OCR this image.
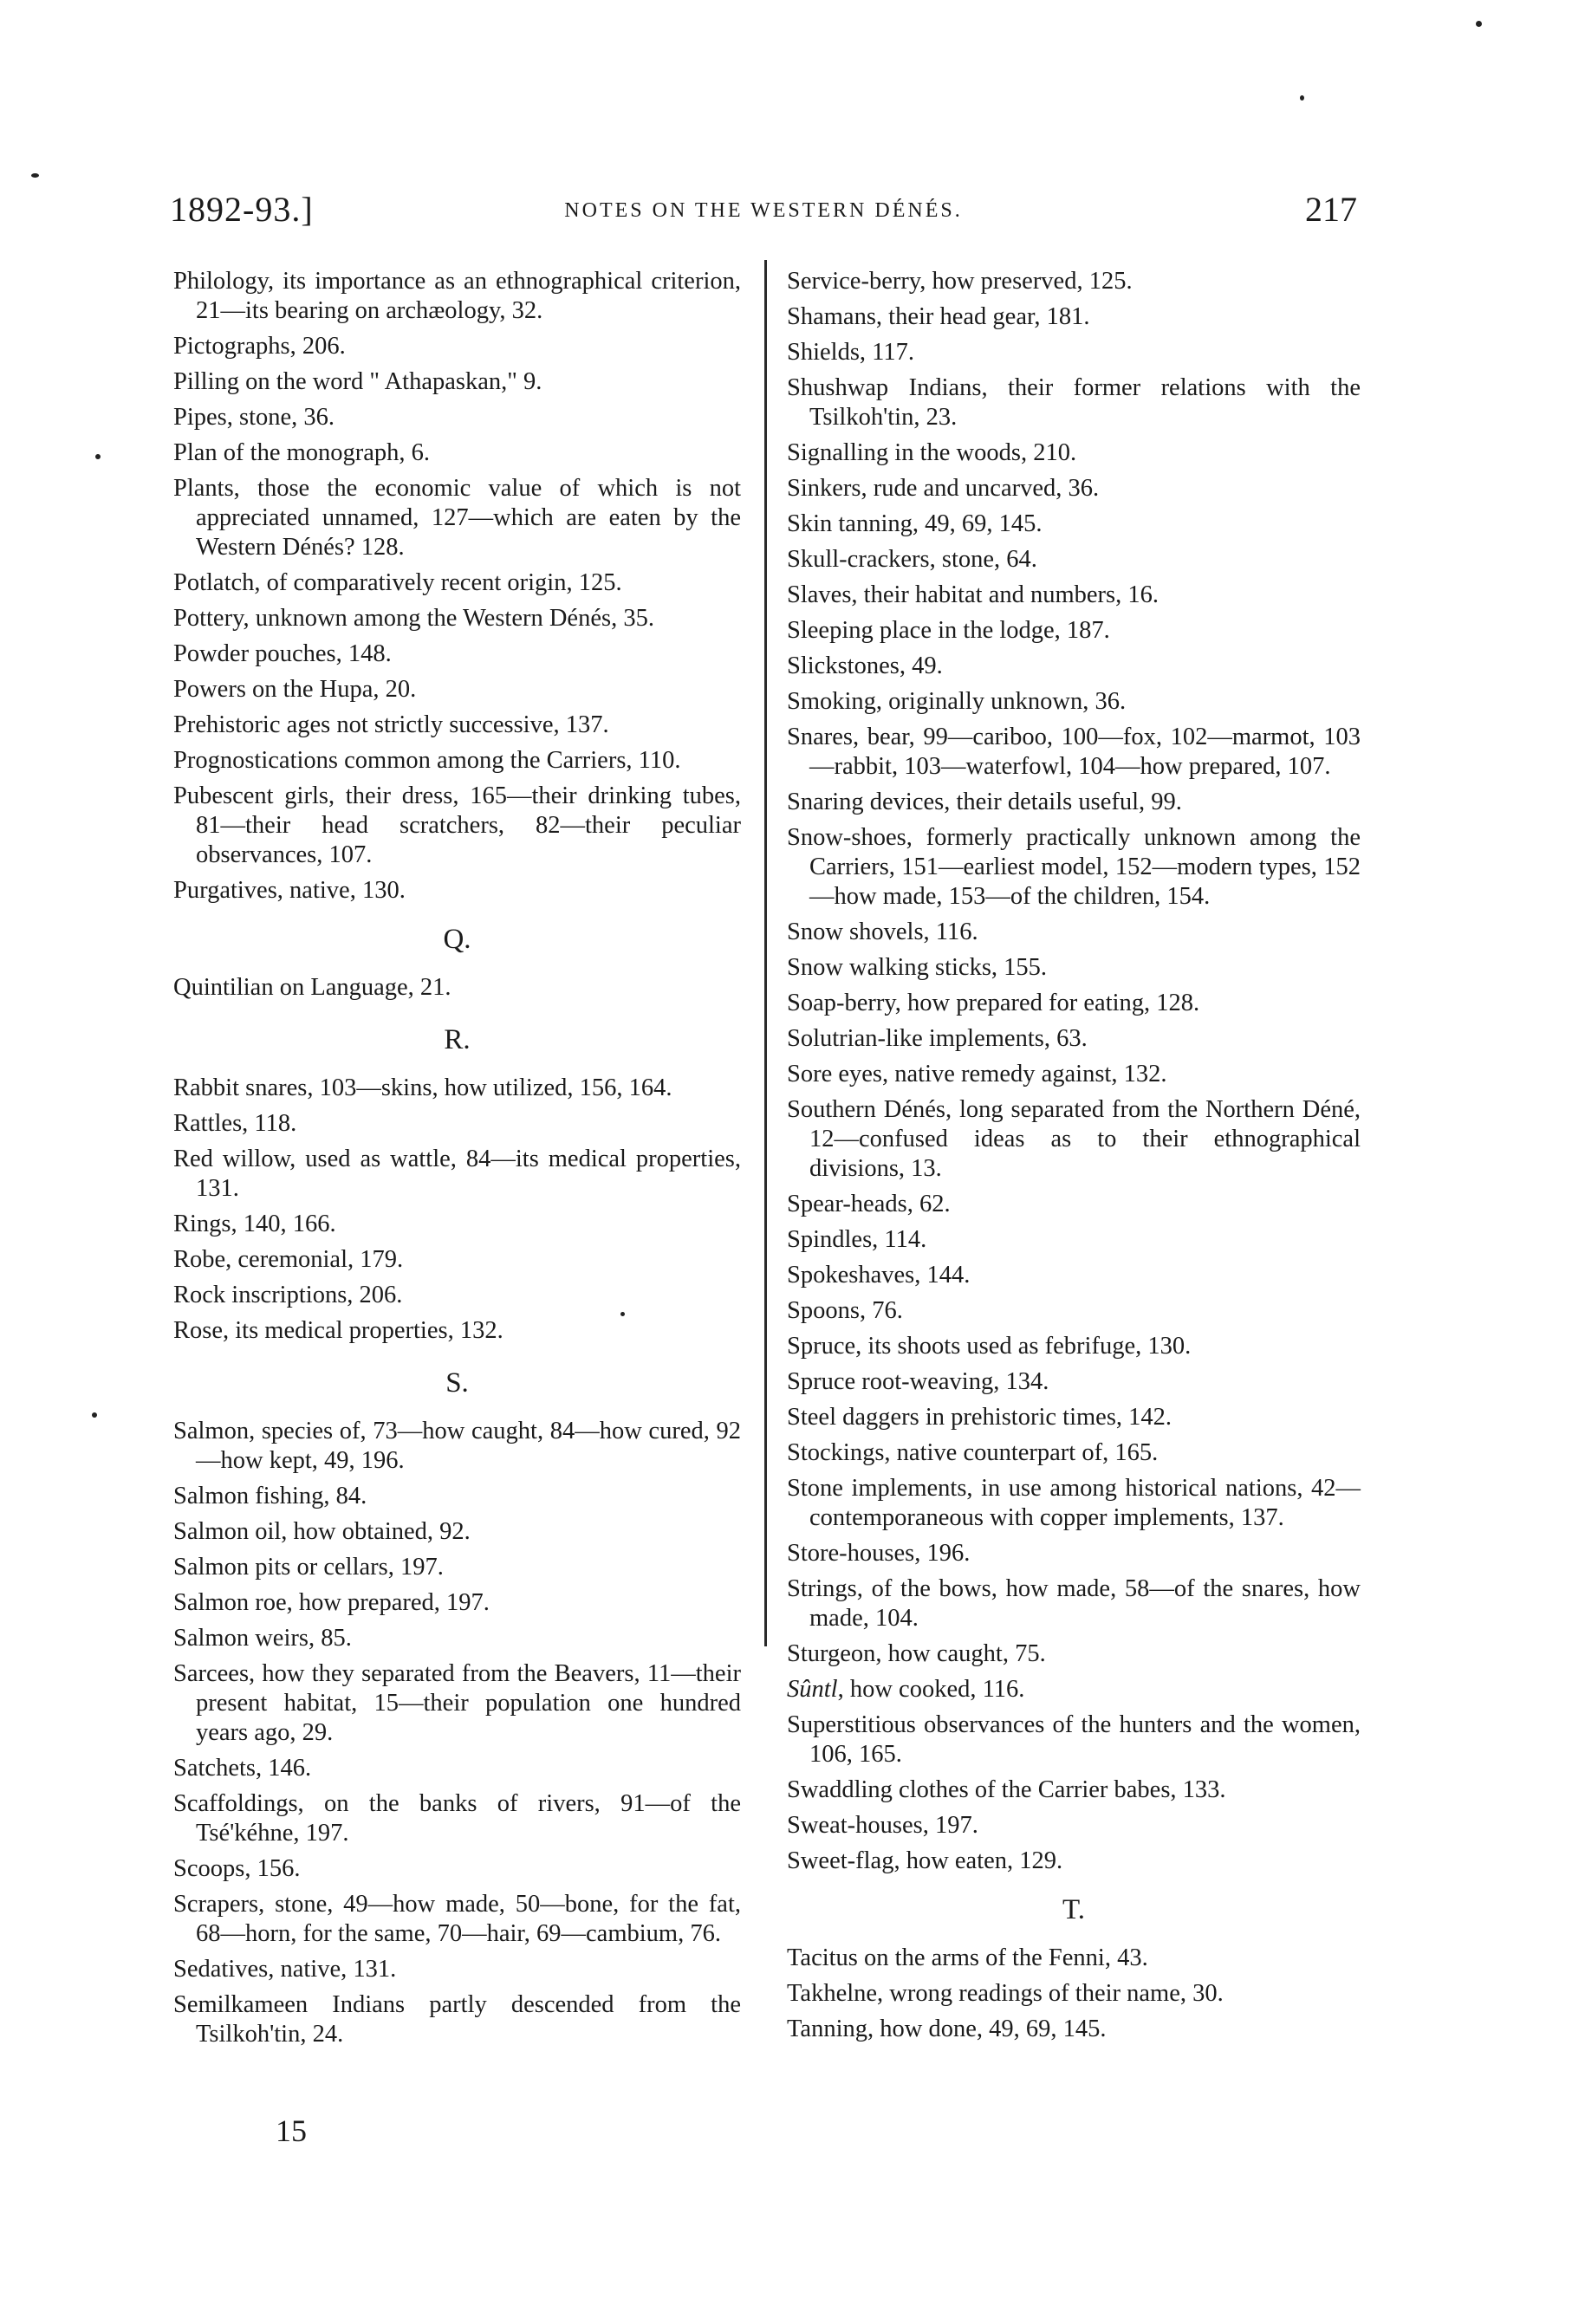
1892-93.]	NOTES ON THE WESTERN DÉNÉS.	217
Philology, its importance as an ethnographical criterion, 21—its bearing on archæology, 32.
Pictographs, 206.
Pilling on the word " Athapaskan," 9.
Pipes, stone, 36.
Plan of the monograph, 6.
Plants, those the economic value of which is not appreciated unnamed, 127—which are eaten by the Western Dénés? 128.
Potlatch, of comparatively recent origin, 125.
Pottery, unknown among the Western Dénés, 35.
Powder pouches, 148.
Powers on the Hupa, 20.
Prehistoric ages not strictly successive, 137.
Prognostications common among the Carriers, 110.
Pubescent girls, their dress, 165—their drinking tubes, 81—their head scratchers, 82—their peculiar observances, 107.
Purgatives, native, 130.
Q.
Quintilian on Language, 21.
R.
Rabbit snares, 103—skins, how utilized, 156, 164.
Rattles, 118.
Red willow, used as wattle, 84—its medical properties, 131.
Rings, 140, 166.
Robe, ceremonial, 179.
Rock inscriptions, 206.
Rose, its medical properties, 132.
S.
Salmon, species of, 73—how caught, 84—how cured, 92—how kept, 49, 196.
Salmon fishing, 84.
Salmon oil, how obtained, 92.
Salmon pits or cellars, 197.
Salmon roe, how prepared, 197.
Salmon weirs, 85.
Sarcees, how they separated from the Beavers, 11—their present habitat, 15—their population one hundred years ago, 29.
Satchets, 146.
Scaffoldings, on the banks of rivers, 91—of the Tsé'kéhne, 197.
Scoops, 156.
Scrapers, stone, 49—how made, 50—bone, for the fat, 68—horn, for the same, 70—hair, 69—cambium, 76.
Sedatives, native, 131.
Semilkameen Indians partly descended from the Tsilkoh'tin, 24.
Service-berry, how preserved, 125.
Shamans, their head gear, 181.
Shields, 117.
Shushwap Indians, their former relations with the Tsilkoh'tin, 23.
Signalling in the woods, 210.
Sinkers, rude and uncarved, 36.
Skin tanning, 49, 69, 145.
Skull-crackers, stone, 64.
Slaves, their habitat and numbers, 16.
Sleeping place in the lodge, 187.
Slickstones, 49.
Smoking, originally unknown, 36.
Snares, bear, 99—cariboo, 100—fox, 102—marmot, 103—rabbit, 103—waterfowl, 104—how prepared, 107.
Snaring devices, their details useful, 99.
Snow-shoes, formerly practically unknown among the Carriers, 151—earliest model, 152—modern types, 152—how made, 153—of the children, 154.
Snow shovels, 116.
Snow walking sticks, 155.
Soap-berry, how prepared for eating, 128.
Solutrian-like implements, 63.
Sore eyes, native remedy against, 132.
Southern Dénés, long separated from the Northern Déné, 12—confused ideas as to their ethnographical divisions, 13.
Spear-heads, 62.
Spindles, 114.
Spokeshaves, 144.
Spoons, 76.
Spruce, its shoots used as febrifuge, 130.
Spruce root-weaving, 134.
Steel daggers in prehistoric times, 142.
Stockings, native counterpart of, 165.
Stone implements, in use among historical nations, 42—contemporaneous with copper implements, 137.
Store-houses, 196.
Strings, of the bows, how made, 58—of the snares, how made, 104.
Sturgeon, how caught, 75.
Sûntl, how cooked, 116.
Superstitious observances of the hunters and the women, 106, 165.
Swaddling clothes of the Carrier babes, 133.
Sweat-houses, 197.
Sweet-flag, how eaten, 129.
T.
Tacitus on the arms of the Fenni, 43.
Takhelne, wrong readings of their name, 30.
Tanning, how done, 49, 69, 145.
15
